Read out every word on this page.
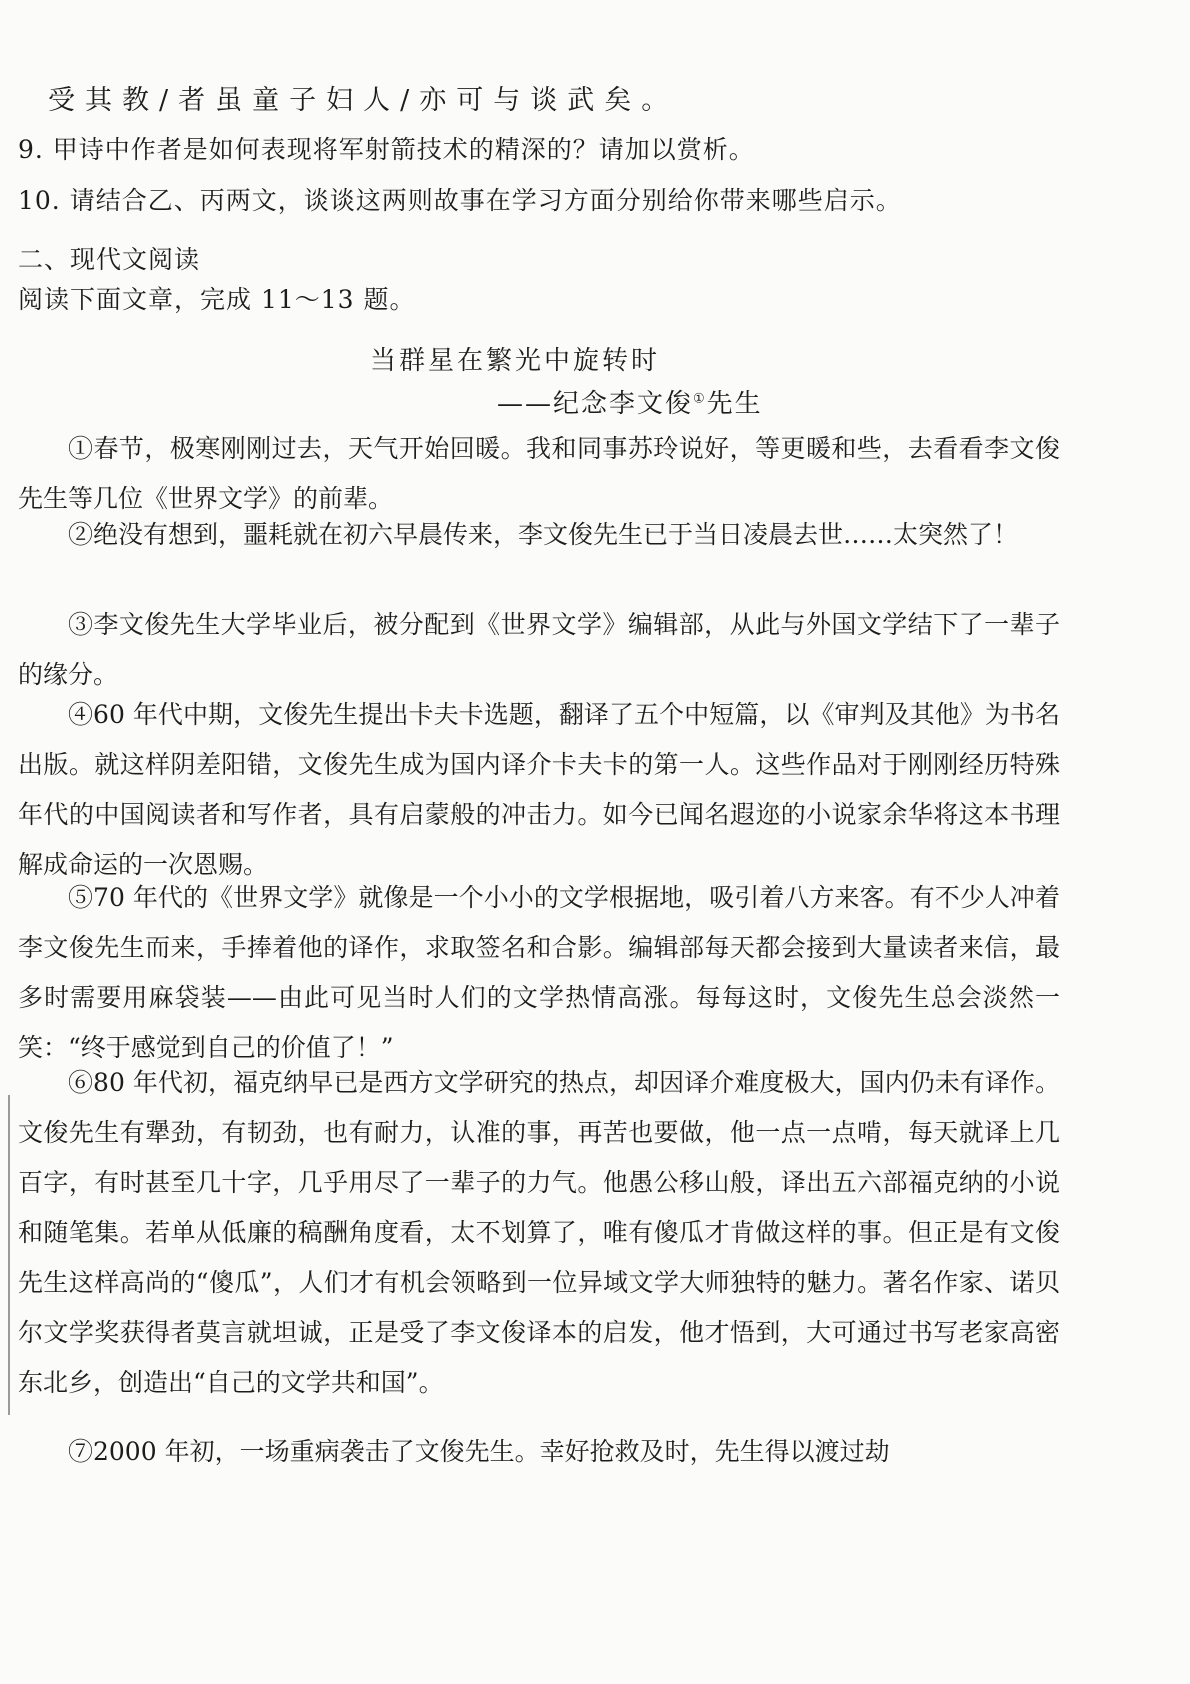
受其教/者虽童子妇人/亦可与谈武矣。
9. 甲诗中作者是如何表现将军射箭技术的精深的？请加以赏析。
10. 请结合乙、丙两文，谈谈这两则故事在学习方面分别给你带来哪些启示。
二、现代文阅读
阅读下面文章，完成 11～13 题。
当群星在繁光中旋转时
——纪念李文俊①先生
①春节，极寒刚刚过去，天气开始回暖。我和同事苏玲说好，等更暖和些，去看看李文俊先生等几位《世界文学》的前辈。
②绝没有想到，噩耗就在初六早晨传来，李文俊先生已于当日凌晨去世……太突然了！
③李文俊先生大学毕业后，被分配到《世界文学》编辑部，从此与外国文学结下了一辈子的缘分。
④60 年代中期，文俊先生提出卡夫卡选题，翻译了五个中短篇，以《审判及其他》为书名出版。就这样阴差阳错，文俊先生成为国内译介卡夫卡的第一人。这些作品对于刚刚经历特殊年代的中国阅读者和写作者，具有启蒙般的冲击力。如今已闻名遐迩的小说家余华将这本书理解成命运的一次恩赐。
⑤70 年代的《世界文学》就像是一个小小的文学根据地，吸引着八方来客。有不少人冲着李文俊先生而来，手捧着他的译作，求取签名和合影。编辑部每天都会接到大量读者来信，最多时需要用麻袋装——由此可见当时人们的文学热情高涨。每每这时，文俊先生总会淡然一笑：“终于感觉到自己的价值了！”
⑥80 年代初，福克纳早已是西方文学研究的热点，却因译介难度极大，国内仍未有译作。文俊先生有犟劲，有韧劲，也有耐力，认准的事，再苦也要做，他一点一点啃，每天就译上几百字，有时甚至几十字，几乎用尽了一辈子的力气。他愚公移山般，译出五六部福克纳的小说和随笔集。若单从低廉的稿酬角度看，太不划算了，唯有傻瓜才肯做这样的事。但正是有文俊先生这样高尚的“傻瓜”，人们才有机会领略到一位异域文学大师独特的魅力。著名作家、诺贝尔文学奖获得者莫言就坦诚，正是受了李文俊译本的启发，他才悟到，大可通过书写老家高密东北乡，创造出“自己的文学共和国”。
⑦2000 年初，一场重病袭击了文俊先生。幸好抢救及时，先生得以渡过劫
